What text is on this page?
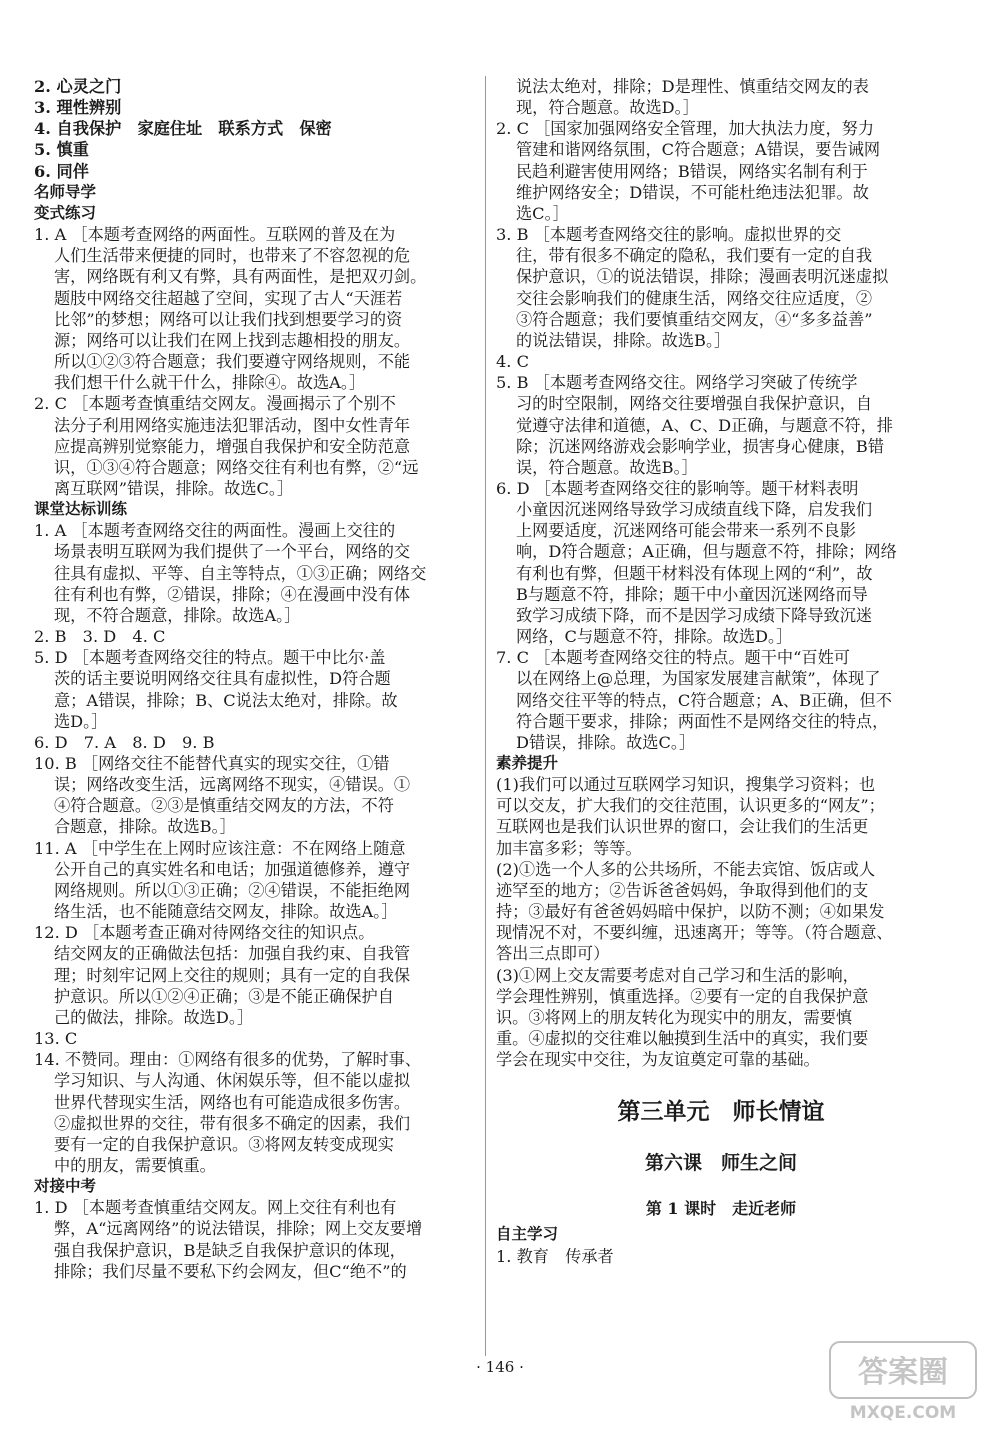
2. 心灵之门
3. 理性辨别
4. 自我保护　家庭住址　联系方式　保密
5. 慎重
6. 同伴
名师导学
变式练习
1. A ［本题考查网络的两面性。互联网的普及在为
人们生活带来便捷的同时，也带来了不容忽视的危
害，网络既有利又有弊，具有两面性，是把双刃剑。
题肢中网络交往超越了空间，实现了古人“天涯若
比邻”的梦想；网络可以让我们找到想要学习的资
源；网络可以让我们在网上找到志趣相投的朋友。
所以①②③符合题意；我们要遵守网络规则，不能
我们想干什么就干什么，排除④。故选A。］
2. C ［本题考查慎重结交网友。漫画揭示了个别不
法分子利用网络实施违法犯罪活动，图中女性青年
应提高辨别觉察能力，增强自我保护和安全防范意
识，①③④符合题意；网络交往有利也有弊，②“远
离互联网”错误，排除。故选C。］
课堂达标训练
1. A ［本题考查网络交往的两面性。漫画上交往的
场景表明互联网为我们提供了一个平台，网络的交
往具有虚拟、平等、自主等特点，①③正确；网络交
往有利也有弊，②错误，排除；④在漫画中没有体
现，不符合题意，排除。故选A。］
2. B　3. D　4. C
5. D ［本题考查网络交往的特点。题干中比尔·盖
茨的话主要说明网络交往具有虚拟性，D符合题
意；A错误，排除；B、C说法太绝对，排除。故
选D。］
6. D　7. A　8. D　9. B
10. B ［网络交往不能替代真实的现实交往，①错
误；网络改变生活，远离网络不现实，④错误。①
④符合题意。②③是慎重结交网友的方法，不符
合题意，排除。故选B。］
11. A ［中学生在上网时应该注意：不在网络上随意
公开自己的真实姓名和电话；加强道德修养，遵守
网络规则。所以①③正确；②④错误，不能拒绝网
络生活，也不能随意结交网友，排除。故选A。］
12. D ［本题考查正确对待网络交往的知识点。
结交网友的正确做法包括：加强自我约束、自我管
理；时刻牢记网上交往的规则；具有一定的自我保
护意识。所以①②④正确；③是不能正确保护自
己的做法，排除。故选D。］
13. C
14. 不赞同。理由：①网络有很多的优势，了解时事、
学习知识、与人沟通、休闲娱乐等，但不能以虚拟
世界代替现实生活，网络也有可能造成很多伤害。
②虚拟世界的交往，带有很多不确定的因素，我们
要有一定的自我保护意识。③将网友转变成现实
中的朋友，需要慎重。
对接中考
1. D ［本题考查慎重结交网友。网上交往有利也有
弊，A“远离网络”的说法错误，排除；网上交友要增
强自我保护意识，B是缺乏自我保护意识的体现，
排除；我们尽量不要私下约会网友，但C“绝不”的
说法太绝对，排除；D是理性、慎重结交网友的表
现，符合题意。故选D。］
2. C ［国家加强网络安全管理，加大执法力度，努力
管建和谐网络氛围，C符合题意；A错误，要告诫网
民趋利避害使用网络；B错误，网络实名制有利于
维护网络安全；D错误，不可能杜绝违法犯罪。故
选C。］
3. B ［本题考查网络交往的影响。虚拟世界的交
往，带有很多不确定的隐私，我们要有一定的自我
保护意识，①的说法错误，排除；漫画表明沉迷虚拟
交往会影响我们的健康生活，网络交往应适度，②
③符合题意；我们要慎重结交网友，④“多多益善”
的说法错误，排除。故选B。］
4. C
5. B ［本题考查网络交往。网络学习突破了传统学
习的时空限制，网络交往要增强自我保护意识，自
觉遵守法律和道德，A、C、D正确，与题意不符，排
除；沉迷网络游戏会影响学业，损害身心健康，B错
误，符合题意。故选B。］
6. D ［本题考查网络交往的影响等。题干材料表明
小童因沉迷网络导致学习成绩直线下降，启发我们
上网要适度，沉迷网络可能会带来一系列不良影
响，D符合题意；A正确，但与题意不符，排除；网络
有利也有弊，但题干材料没有体现上网的“利”，故
B与题意不符，排除；题干中小童因沉迷网络而导
致学习成绩下降，而不是因学习成绩下降导致沉迷
网络，C与题意不符，排除。故选D。］
7. C ［本题考查网络交往的特点。题干中“百姓可
以在网络上@总理，为国家发展建言献策”，体现了
网络交往平等的特点，C符合题意；A、B正确，但不
符合题干要求，排除；两面性不是网络交往的特点，
D错误，排除。故选C。］
素养提升
(1)我们可以通过互联网学习知识，搜集学习资料；也
可以交友，扩大我们的交往范围，认识更多的“网友”；
互联网也是我们认识世界的窗口，会让我们的生活更
加丰富多彩；等等。
(2)①选一个人多的公共场所，不能去宾馆、饭店或人
迹罕至的地方；②告诉爸爸妈妈，争取得到他们的支
持；③最好有爸爸妈妈暗中保护，以防不测；④如果发
现情况不对，不要纠缠，迅速离开；等等。（符合题意、
答出三点即可）
(3)①网上交友需要考虑对自己学习和生活的影响，
学会理性辨别，慎重选择。②要有一定的自我保护意
识。③将网上的朋友转化为现实中的朋友，需要慎
重。④虚拟的交往难以触摸到生活中的真实，我们要
学会在现实中交往，为友谊奠定可靠的基础。
第三单元　师长情谊
第六课　师生之间
第 1 课时　走近老师
自主学习
1. 教育　传承者
· 146 ·	答案圈
MXQE.COM
